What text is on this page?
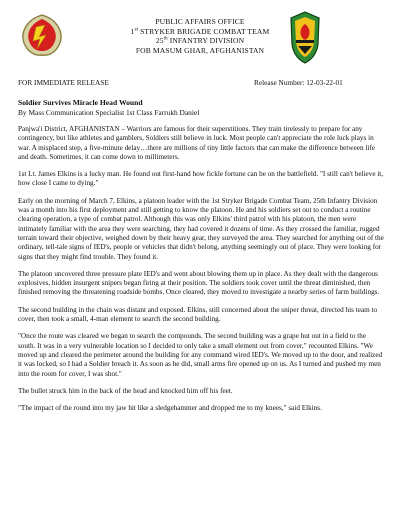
PUBLIC AFFAIRS OFFICE
1st STRYKER BRIGADE COMBAT TEAM
25th INFANTRY DIVISION
FOB MASUM GHAR, AFGHANISTAN
FOR IMMEDIATE RELEASE	Release Number: 12-03-22-01
Soldier Survives Miracle Head Wound
By Mass Communication Specialist 1st Class Farrukh Daniel

Panjwa'i District, AFGHANISTAN – Warriors are famous for their superstitions. They train tirelessly to prepare for any contingency, but like athletes and gamblers, Soldiers still believe in luck. Most people can't appreciate the role luck plays in war. A misplaced step, a five-minute delay…there are millions of tiny little factors that can make the difference between life and death. Sometimes, it can come down to millimeters.

1st Lt. James Elkins is a lucky man. He found out first-hand how fickle fortune can be on the battlefield. "I still can't believe it, how close I came to dying."

Early on the morning of March 7, Elkins, a platoon leader with the 1st Stryker Brigade Combat Team, 25th Infantry Division was a month into his first deployment and still getting to know the platoon. He and his soldiers set out to conduct a routine clearing operation, a type of combat patrol. Although this was only Elkins' third patrol with his platoon, the men were intimately familiar with the area they were searching, they had covered it dozens of time. As they crossed the familiar, rugged terrain toward their objective, weighed down by their heavy gear, they surveyed the area. They searched for anything out of the ordinary, tell-tale signs of IED's, people or vehicles that didn't belong, anything seemingly out of place. They were looking for signs that they might find trouble. They found it.

The platoon uncovered three pressure plate IED's and went about blowing them up in place. As they dealt with the dangerous explosives, hidden insurgent snipers began firing at their position. The soldiers took cover until the threat diminished, then finished removing the threatening roadside bombs. Once cleared, they moved to investigate a nearby series of farm buildings.

The second building in the chain was distant and exposed. Elkins, still concerned about the sniper threat, directed his team to cover, then took a small, 4-man element to search the second building.

"Once the route was cleared we began to search the compounds. The second building was a grape hut out in a field to the south. It was in a very vulnerable location so I decided to only take a small element out from cover," recounted Elkins. "We moved up and cleared the perimeter around the building for any command wired IED's. We moved up to the door, and realized it was locked, so I had a Soldier breach it. As soon as he did, small arms fire opened up on us. As I turned and pushed my men into the room for cover, I was shot."

The bullet struck him in the back of the head and knocked him off his feet.

"The impact of the round into my jaw hit like a sledgehammer and dropped me to my knees," said Elkins.
